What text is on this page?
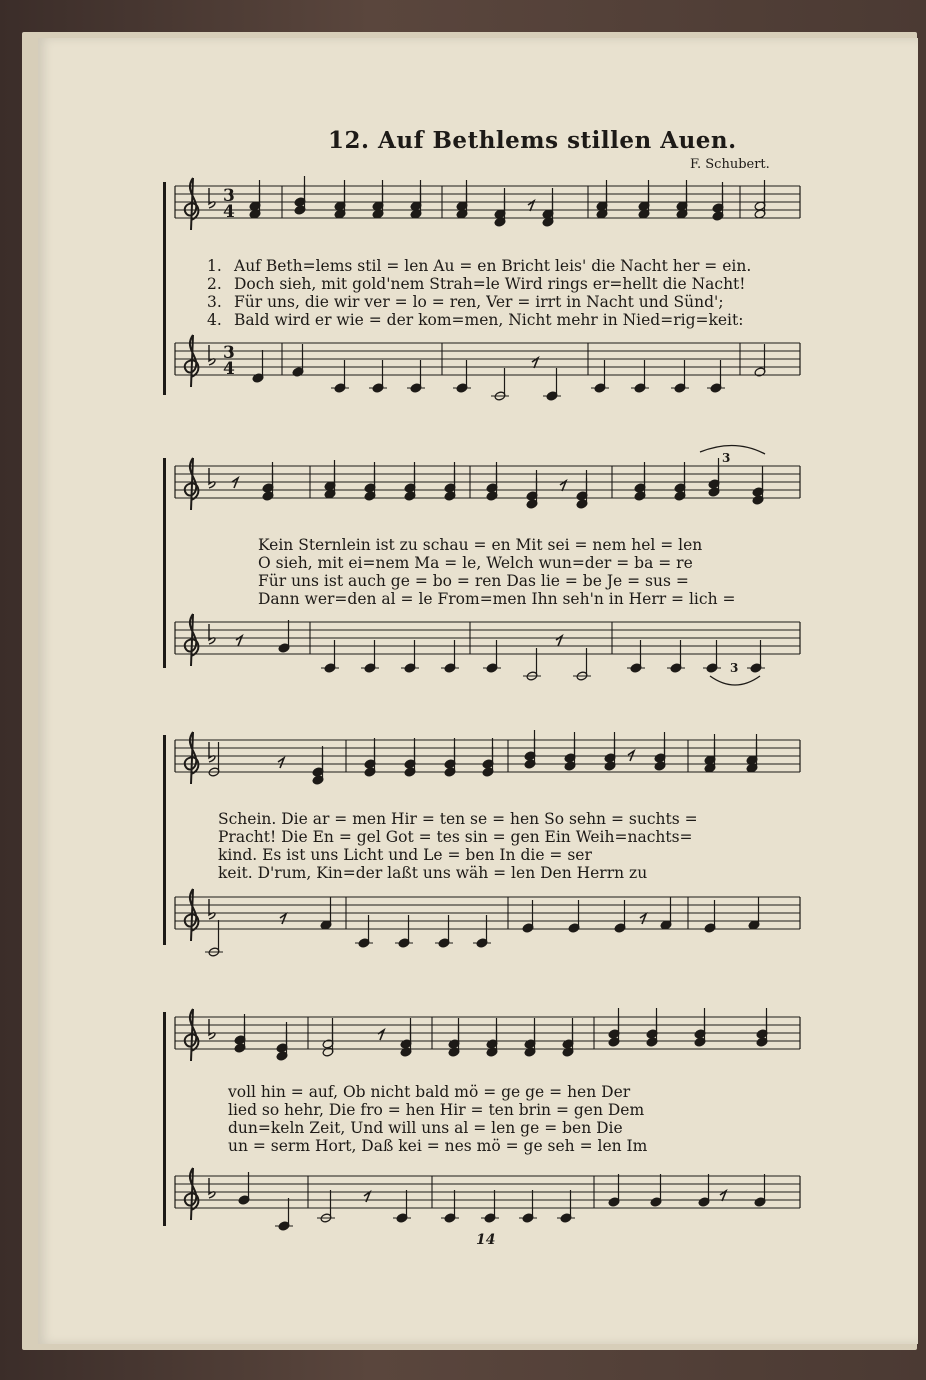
12. Auf Bethlems stillen Auen.
F. Schubert.
3
4
3
4
3
3
1.
2.
3.
4.
Auf Beth=lems stil = len Au = en Bricht leis' die Nacht her = ein.
Doch sieh, mit gold'nem Strah=le Wird rings er=hellt die Nacht!
Für uns, die wir ver = lo = ren, Ver = irrt in Nacht und Sünd';
Bald wird er wie = der kom=men, Nicht mehr in Nied=rig=keit:
Kein Sternlein ist zu schau = en Mit sei = nem hel = len
O sieh, mit ei=nem Ma = le, Welch wun=der = ba = re
Für uns ist auch ge = bo = ren Das lie = be Je = sus =
Dann wer=den al = le From=men Ihn seh'n in Herr = lich =
Schein. Die ar = men Hir = ten se = hen So sehn = suchts =
Pracht! Die En = gel Got = tes sin = gen Ein Weih=nachts=
kind. Es ist uns Licht und Le = ben In die = ser
keit. D'rum, Kin=der laßt uns wäh = len Den Herrn zu
voll hin = auf, Ob nicht bald mö = ge ge = hen Der
lied so hehr, Die fro = hen Hir = ten brin = gen Dem
dun=keln Zeit, Und will uns al = len ge = ben Die
un = serm Hort, Daß kei = nes mö = ge seh = len Im
14
